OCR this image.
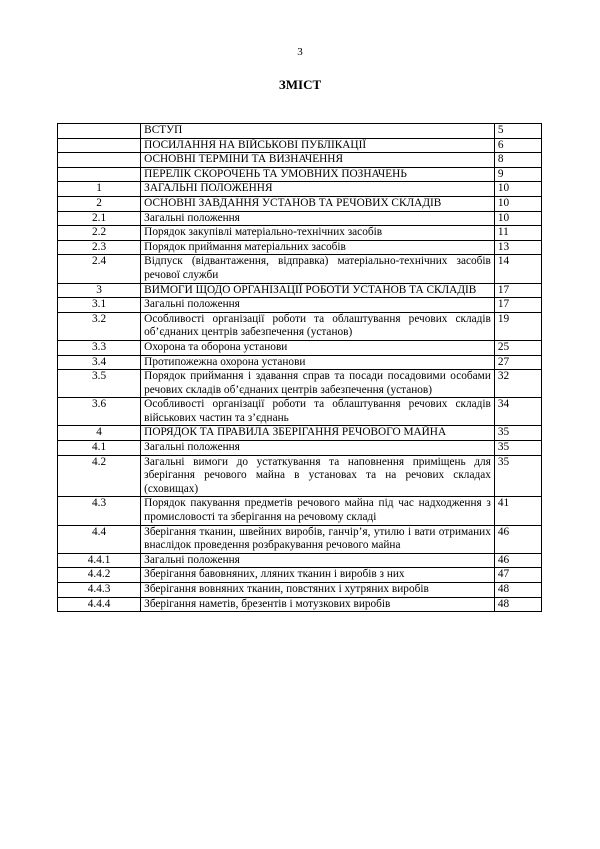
3
ЗМІСТ
	ВСТУП	5
	ПОСИЛАННЯ НА ВІЙСЬКОВІ ПУБЛІКАЦІЇ	6
	ОСНОВНІ ТЕРМІНИ ТА ВИЗНАЧЕННЯ	8
	ПЕРЕЛІК СКОРОЧЕНЬ ТА УМОВНИХ ПОЗНАЧЕНЬ	9
1	ЗАГАЛЬНІ ПОЛОЖЕННЯ	10
2	ОСНОВНІ ЗАВДАННЯ УСТАНОВ ТА РЕЧОВИХ СКЛАДІВ	10
2.1	Загальні положення	10
2.2	Порядок закупівлі матеріально-технічних засобів	11
2.3	Порядок приймання матеріальних засобів	13
2.4	Відпуск (відвантаження, відправка) матеріально-технічних засобів речової служби	14
3	ВИМОГИ ЩОДО ОРГАНІЗАЦІЇ РОБОТИ УСТАНОВ ТА СКЛАДІВ	17
3.1	Загальні положення	17
3.2	Особливості організації роботи та облаштування речових складів об’єднаних центрів забезпечення (установ)	19
3.3	Охорона та оборона установи	25
3.4	Протипожежна охорона установи	27
3.5	Порядок приймання і здавання справ та посади посадовими особами речових складів об’єднаних центрів забезпечення (установ)	32
3.6	Особливості організації роботи та облаштування речових складів військових частин та з’єднань	34
4	ПОРЯДОК ТА ПРАВИЛА ЗБЕРІГАННЯ РЕЧОВОГО МАЙНА	35
4.1	Загальні положення	35
4.2	Загальні вимоги до устаткування та наповнення приміщень для зберігання речового майна в установах та на речових складах (сховищах)	35
4.3	Порядок пакування предметів речового майна під час надходження з промисловості та зберігання на речовому складі	41
4.4	Зберігання тканин, швейних виробів, ганчір’я, утилю і вати отриманих внаслідок проведення розбракування речового майна	46
4.4.1	Загальні положення	46
4.4.2	Зберігання бавовняних, лляних тканин і виробів з них	47
4.4.3	Зберігання вовняних тканин, повстяних і хутряних виробів	48
4.4.4	Зберігання наметів, брезентів і мотузкових виробів	48
